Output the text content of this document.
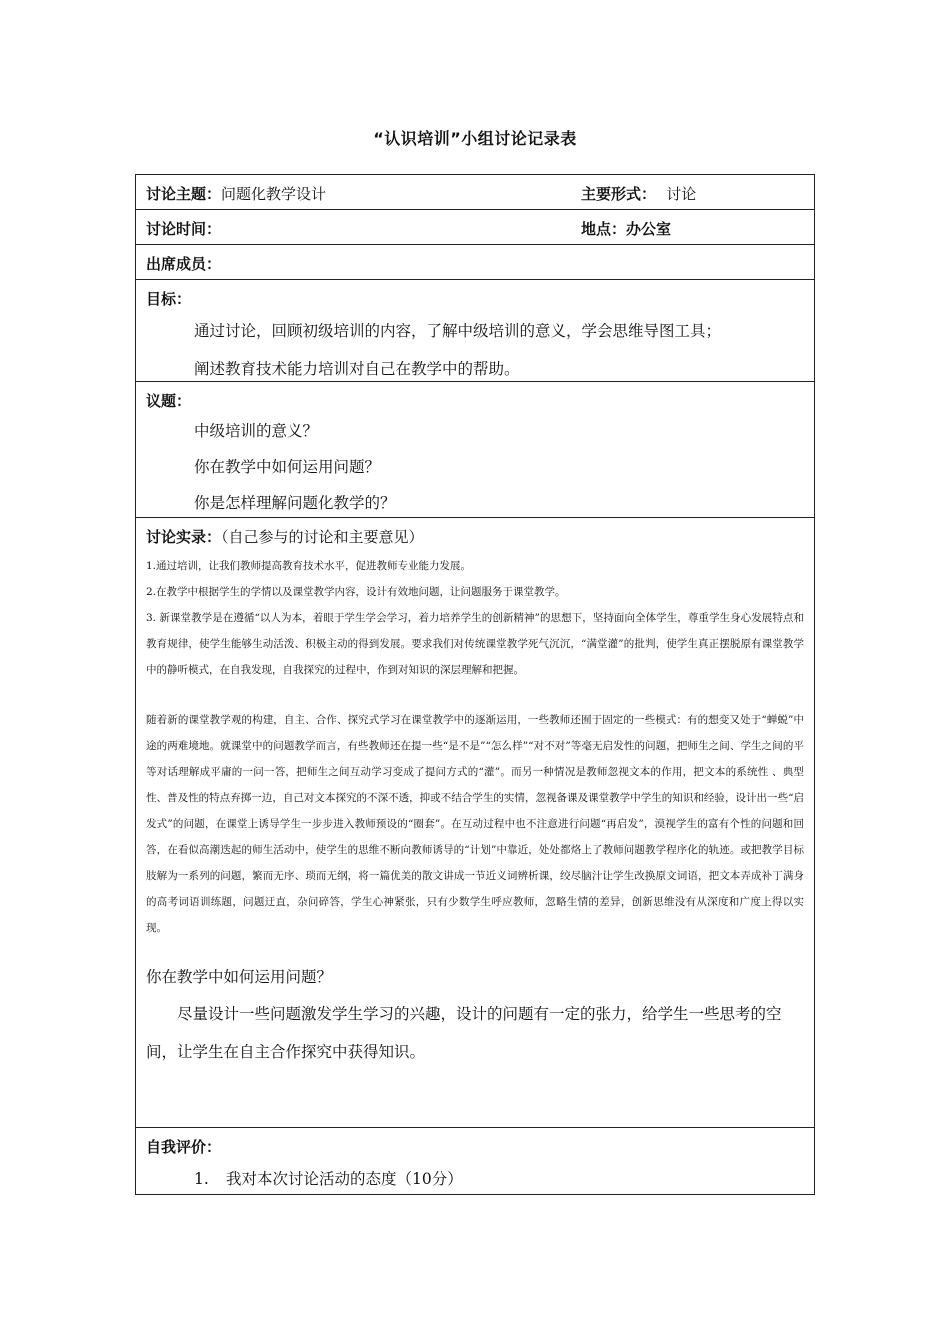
“认识培训”小组讨论记录表
讨论主题：问题化教学设计	主要形式： 讨论
讨论时间：	地点：办公室
出席成员：
目标：
通过讨论，回顾初级培训的内容，了解中级培训的意义，学会思维导图工具；
阐述教育技术能力培训对自己在教学中的帮助。
议题：
中级培训的意义？
你在教学中如何运用问题？
你是怎样理解问题化教学的？
讨论实录：（自己参与的讨论和主要意见）

1.通过培训，让我们教师提高教育技术水平，促进教师专业能力发展。

2.在教学中根据学生的学情以及课堂教学内容，设计有效地问题，让问题服务于课堂教学。

3. 新课堂教学是在遵循“以人为本，着眼于学生学会学习，着力培养学生的创新精神”的思想下，坚持面向全体学生，尊重学生身心发展特点和教育规律，使学生能够生动活泼、积极主动的得到发展。要求我们对传统课堂教学死气沉沉，“满堂灌”的批判，使学生真正摆脱原有课堂教学中的静听模式，在自我发现，自我探究的过程中，作到对知识的深层理解和把握。

随着新的课堂教学观的构建，自主、合作、探究式学习在课堂教学中的逐渐运用，一些教师还囿于固定的一些模式：有的想变又处于“蝉蜕”中途的两难境地。就课堂中的问题教学而言，有些教师还在提一些“是不是”“怎么样”“对不对”等毫无启发性的问题，把师生之间、学生之间的平等对话理解成平庸的一问一答，把师生之间互动学习变成了提问方式的“灌”。而另一种情况是教师忽视文本的作用，把文本的系统性 、典型性、普及性的特点弃掷一边，自己对文本探究的不深不透，抑或不结合学生的实情，忽视备课及课堂教学中学生的知识和经验，设计出一些“启发式”的问题，在课堂上诱导学生一步步进入教师预设的“圈套”。在互动过程中也不注意进行问题“再启发”，漠视学生的富有个性的问题和回答，在看似高潮迭起的师生活动中，使学生的思维不断向教师诱导的“计划”中靠近，处处都烙上了教师问题教学程序化的轨迹。或把教学目标肢解为一系列的问题，繁而无序、琐而无纲，将一篇优美的散文讲成一节近义词辨析课，绞尽脑汁让学生改换原文词语，把文本弄成补丁满身的高考词语训练题，问题迂直，杂问碎答，学生心神紧张，只有少数学生呼应教师，忽略生情的差异，创新思维没有从深度和广度上得以实现。

你在教学中如何运用问题？
尽量设计一些问题激发学生学习的兴趣，设计的问题有一定的张力，给学生一些思考的空间，让学生在自主合作探究中获得知识。
自我评价：
1. 我对本次讨论活动的态度（10分）
